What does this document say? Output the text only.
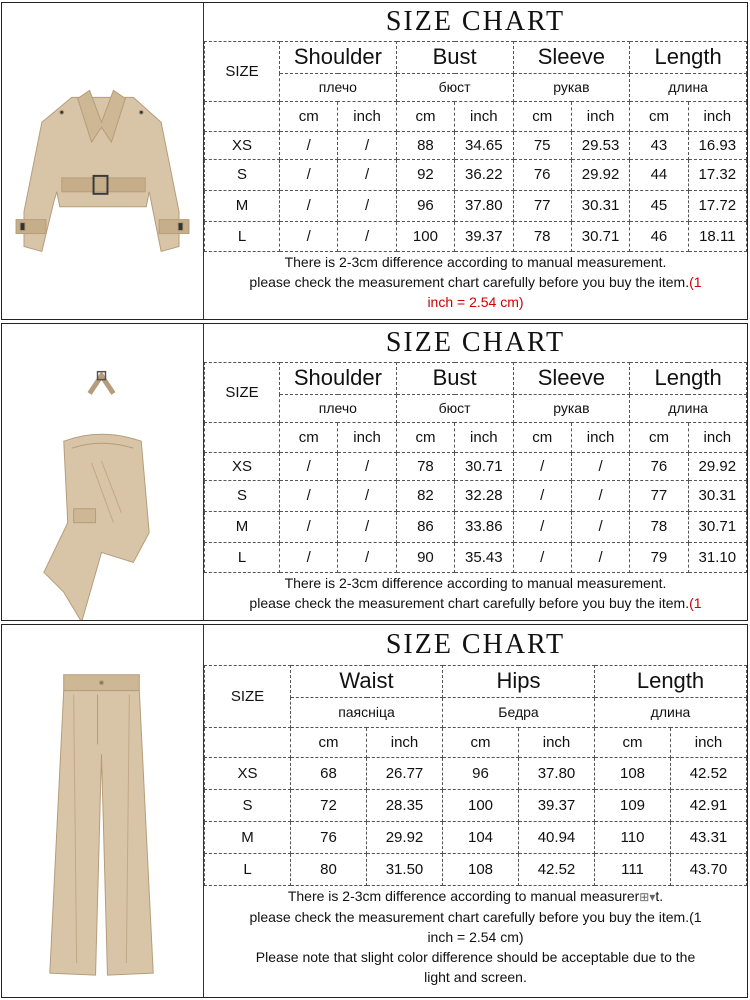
SIZE CHART								
SIZE	Shoulder		Bust		Sleeve		Length	
	плечо		бюст		рукав		длина	
	cm	inch	cm	inch	cm	inch	cm	inch
XS	/	/	88	34.65	75	29.53	43	16.93
S	/	/	92	36.22	76	29.92	44	17.32
M	/	/	96	37.80	77	30.31	45	17.72
L	/	/	100	39.37	78	30.71	46	18.11

There is 2-3cm difference according to manual measurement.
please check the measurement chart carefully before you buy the item.(1
inch = 2.54 cm)								
SIZE CHART								
SIZE	Shoulder		Bust		Sleeve		Length	
	плечо		бюст		рукав		длина	
	cm	inch	cm	inch	cm	inch	cm	inch
XS	/	/	78	30.71	/	/	76	29.92
S	/	/	82	32.28	/	/	77	30.31
M	/	/	86	33.86	/	/	78	30.71
L	/	/	90	35.43	/	/	79	31.10

There is 2-3cm difference according to manual measurement.
please check the measurement chart carefully before you buy the item.(1								
SIZE CHART						
SIZE	Waist		Hips		Length	
	паясніца		Бедра		длина	
	cm	inch	cm	inch	cm	inch
XS	68	26.77	96	37.80	108	42.52
S	72	28.35	100	39.37	109	42.91
M	76	29.92	104	40.94	110	43.31
L	80	31.50	108	42.52	111	43.70

There is 2-3cm difference according to manual measurer⊞▾t.
please check the measurement chart carefully before you buy the item.(1
inch = 2.54 cm)
Please note that slight color difference should be acceptable due to the
light and screen.						
